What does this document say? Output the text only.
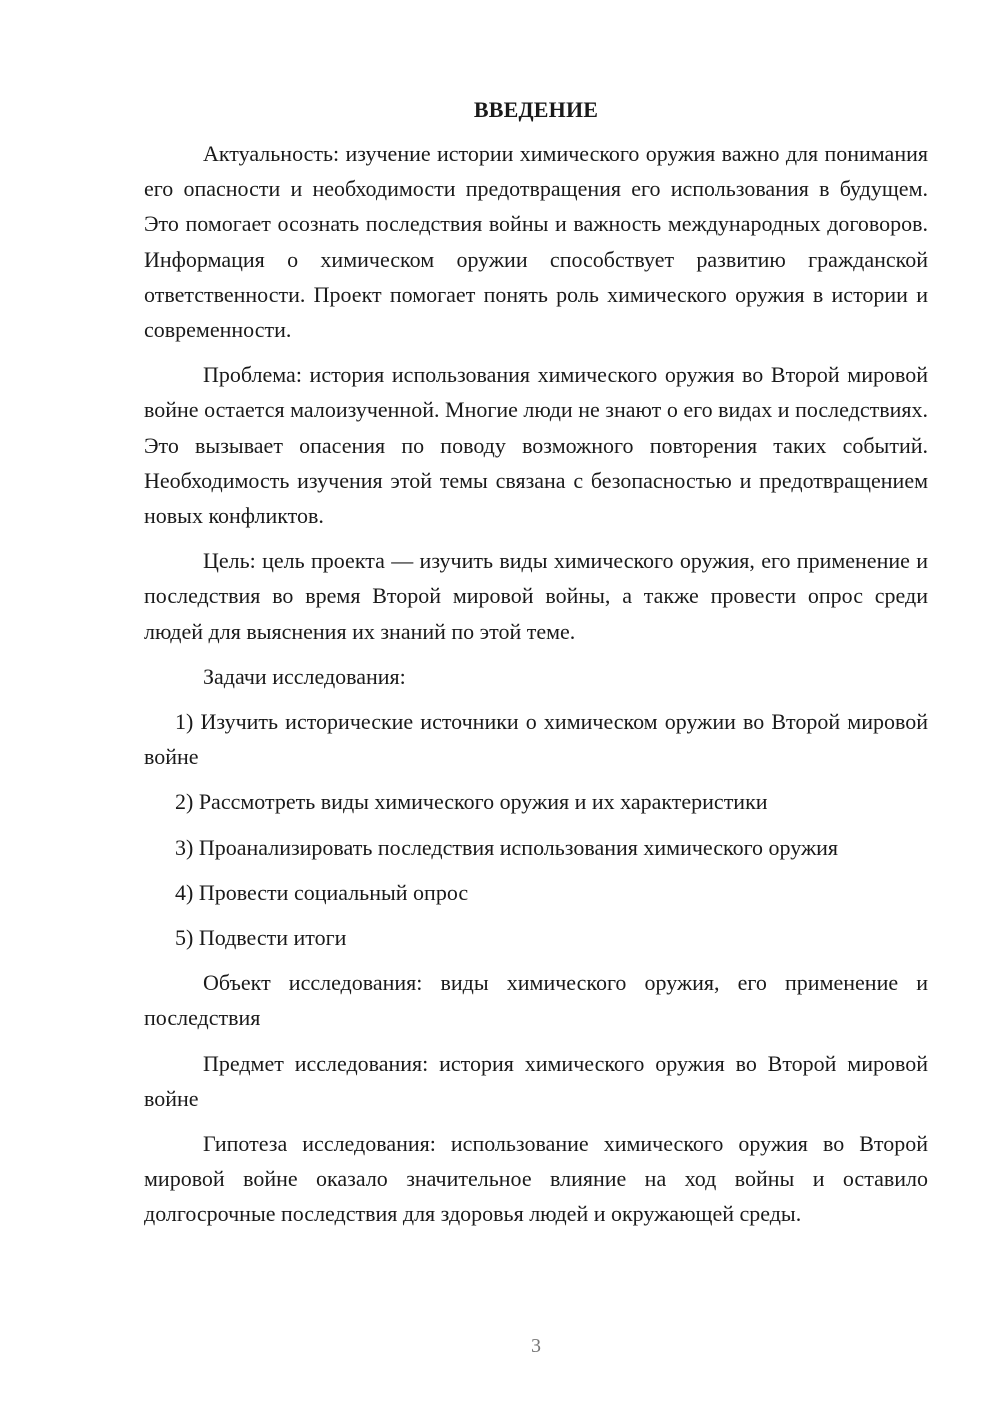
ВВЕДЕНИЕ

Актуальность: изучение истории химического оружия важно для понимания его опасности и необходимости предотвращения его использования в будущем. Это помогает осознать последствия войны и важность международных договоров. Информация о химическом оружии способствует развитию гражданской ответственности. Проект помогает понять роль химического оружия в истории и современности.

Проблема: история использования химического оружия во Второй мировой войне остается малоизученной. Многие люди не знают о его видах и последствиях. Это вызывает опасения по поводу возможного повторения таких событий. Необходимость изучения этой темы связана с безопасностью и предотвращением новых конфликтов.

Цель: цель проекта — изучить виды химического оружия, его применение и последствия во время Второй мировой войны, а также провести опрос среди людей для выяснения их знаний по этой теме.

Задачи исследования:

1) Изучить исторические источники о химическом оружии во Второй мировой войне

2) Рассмотреть виды химического оружия и их характеристики

3) Проанализировать последствия использования химического оружия

4) Провести социальный опрос

5) Подвести итоги

Объект исследования: виды химического оружия, его применение и последствия

Предмет исследования: история химического оружия во Второй мировой войне

Гипотеза исследования: использование химического оружия во Второй мировой войне оказало значительное влияние на ход войны и оставило долгосрочные последствия для здоровья людей и окружающей среды.

3
